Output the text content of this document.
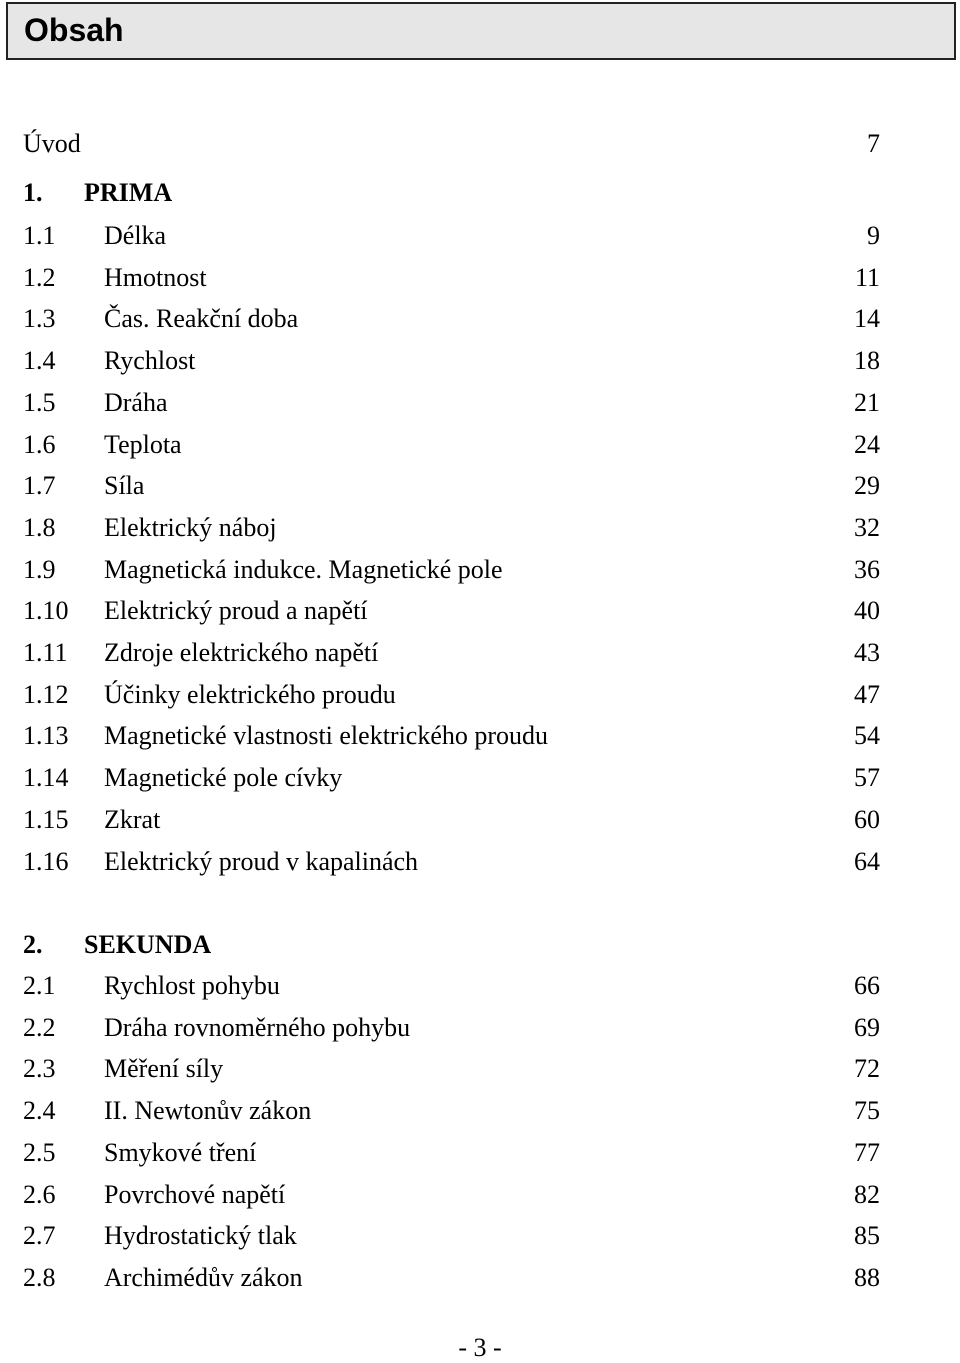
Obsah
Úvod	7
1. PRIMA
1.1 Délka	9
1.2 Hmotnost	11
1.3 Čas. Reakční doba	14
1.4 Rychlost	18
1.5 Dráha	21
1.6 Teplota	24
1.7 Síla	29
1.8 Elektrický náboj	32
1.9 Magnetická indukce. Magnetické pole	36
1.10 Elektrický proud a napětí	40
1.11 Zdroje elektrického napětí	43
1.12 Účinky elektrického proudu	47
1.13 Magnetické vlastnosti elektrického proudu	54
1.14 Magnetické pole cívky	57
1.15 Zkrat	60
1.16 Elektrický proud v kapalinách	64
2. SEKUNDA
2.1 Rychlost pohybu	66
2.2 Dráha rovnoměrného pohybu	69
2.3 Měření síly	72
2.4 II. Newtonův zákon	75
2.5 Smykové tření	77
2.6 Povrchové napětí	82
2.7 Hydrostatický tlak	85
2.8 Archimédův zákon	88
- 3 -
